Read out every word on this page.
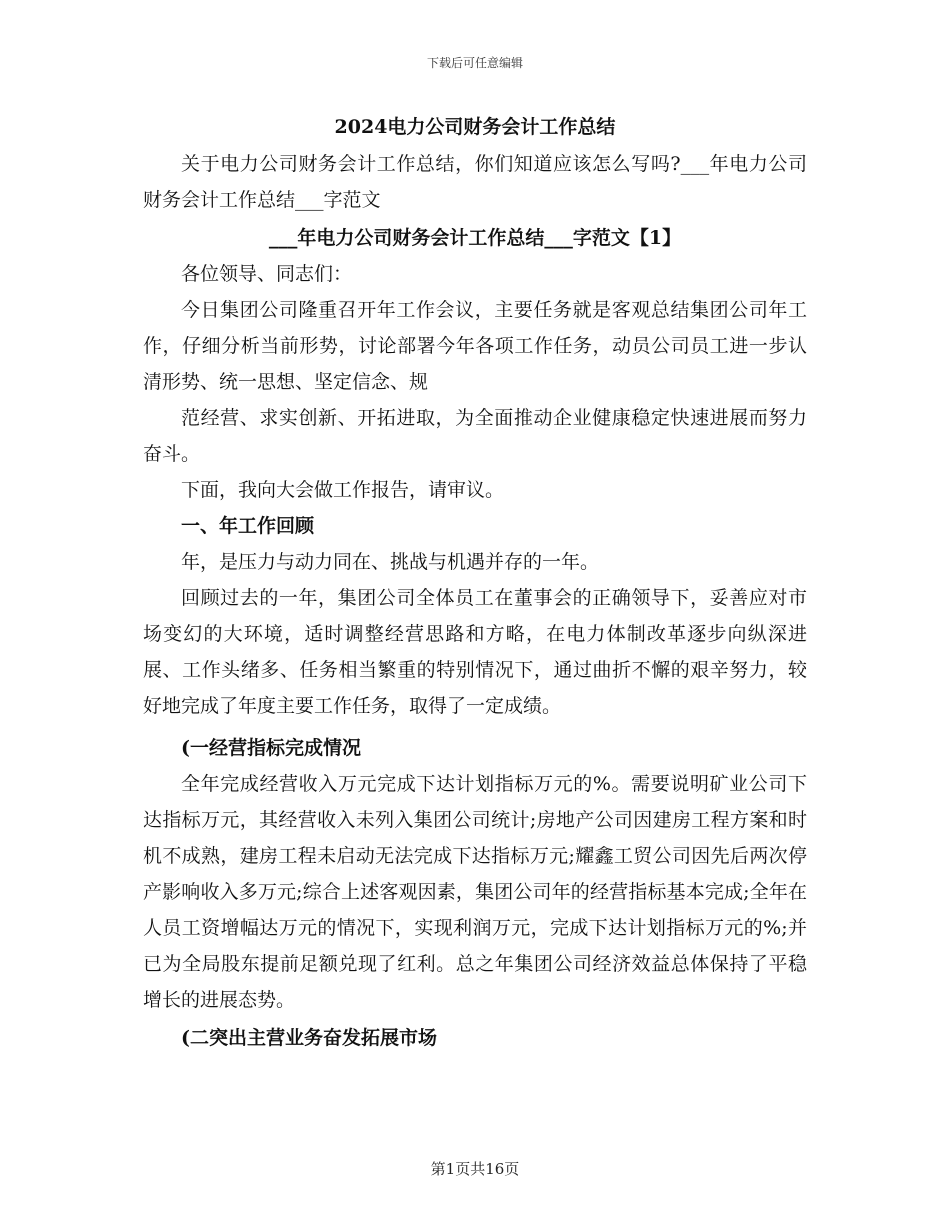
下载后可任意编辑
2024电力公司财务会计工作总结

关于电力公司财务会计工作总结，你们知道应该怎么写吗?___年电力公司财务会计工作总结___字范文

___年电力公司财务会计工作总结___字范文【1】

各位领导、同志们：

今日集团公司隆重召开年工作会议，主要任务就是客观总结集团公司年工作，仔细分析当前形势，讨论部署今年各项工作任务，动员公司员工进一步认清形势、统一思想、坚定信念、规

范经营、求实创新、开拓进取，为全面推动企业健康稳定快速进展而努力奋斗。

下面，我向大会做工作报告，请审议。

一、年工作回顾

年，是压力与动力同在、挑战与机遇并存的一年。

回顾过去的一年，集团公司全体员工在董事会的正确领导下，妥善应对市场变幻的大环境，适时调整经营思路和方略，在电力体制改革逐步向纵深进展、工作头绪多、任务相当繁重的特别情况下，通过曲折不懈的艰辛努力，较好地完成了年度主要工作任务，取得了一定成绩。

(一经营指标完成情况

全年完成经营收入万元完成下达计划指标万元的%。需要说明矿业公司下达指标万元，其经营收入未列入集团公司统计;房地产公司因建房工程方案和时机不成熟，建房工程未启动无法完成下达指标万元;耀鑫工贸公司因先后两次停产影响收入多万元;综合上述客观因素，集团公司年的经营指标基本完成;全年在人员工资增幅达万元的情况下，实现利润万元，完成下达计划指标万元的%;并已为全局股东提前足额兑现了红利。总之年集团公司经济效益总体保持了平稳增长的进展态势。

(二突出主营业务奋发拓展市场

第1页共16页
